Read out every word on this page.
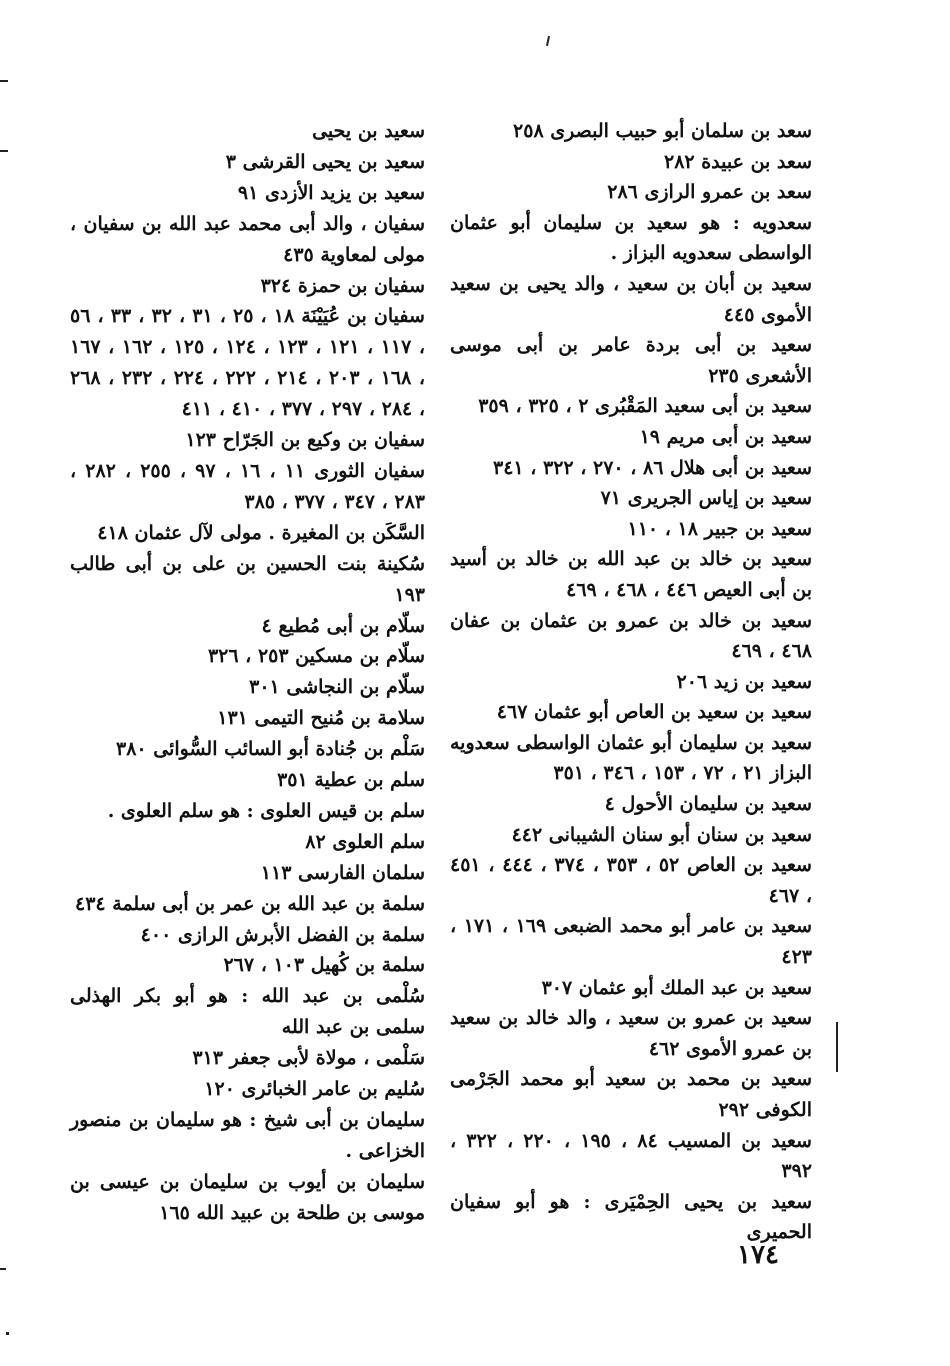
سعد بن سلمان أبو حبيب البصرى ٢٥٨

سعد بن عبيدة ٢٨٢

سعد بن عمرو الرازى ٢٨٦

سعدويه : هو سعيد بن سليمان أبو عثمان الواسطى سعدويه البزاز .

سعيد بن أبان بن سعيد ، والد يحيى بن سعيد الأموى ٤٤٥

سعيد بن أبى بردة عامر بن أبى موسى الأشعرى ٢٣٥

سعيد بن أبى سعيد المَقْبُرى ٢ ، ٣٢٥ ، ٣٥٩

سعيد بن أبى مريم ١٩

سعيد بن أبى هلال ٨٦ ، ٢٧٠ ، ٣٢٢ ، ٣٤١

سعيد بن إياس الجريرى ٧١

سعيد بن جبير ١٨ ، ١١٠

سعيد بن خالد بن عبد الله بن خالد بن أسيد بن أبى العيص ٤٤٦ ، ٤٦٨ ، ٤٦٩

سعيد بن خالد بن عمرو بن عثمان بن عفان ٤٦٨ ، ٤٦٩

سعيد بن زيد ٢٠٦

سعيد بن سعيد بن العاص أبو عثمان ٤٦٧

سعيد بن سليمان أبو عثمان الواسطى سعدويه البزاز ٢١ ، ٧٢ ، ١٥٣ ، ٣٤٦ ، ٣٥١

سعيد بن سليمان الأحول ٤

سعيد بن سنان أبو سنان الشيبانى ٤٤٢

سعيد بن العاص ٥٢ ، ٣٥٣ ، ٣٧٤ ، ٤٤٤ ، ٤٥١ ، ٤٦٧

سعيد بن عامر أبو محمد الضبعى ١٦٩ ، ١٧١ ، ٤٢٣

سعيد بن عبد الملك أبو عثمان ٣٠٧

سعيد بن عمرو بن سعيد ، والد خالد بن سعيد بن عمرو الأموى ٤٦٢

سعيد بن محمد بن سعيد أبو محمد الجَرْمى الكوفى ٢٩٢

سعيد بن المسيب ٨٤ ، ١٩٥ ، ٢٢٠ ، ٣٢٢ ، ٣٩٢

سعيد بن يحيى الحِمْيَرى : هو أبو سفيان الحميرى

سعيد بن يحيى

سعيد بن يحيى القرشى ٣

سعيد بن يزيد الأزدى ٩١

سفيان ، والد أبى محمد عبد الله بن سفيان ، مولى لمعاوية ٤٣٥

سفيان بن حمزة ٣٢٤

سفيان بن عُيَيْنَة ١٨ ، ٢٥ ، ٣١ ، ٣٢ ، ٣٣ ، ٥٦ ، ١١٧ ، ١٢١ ، ١٢٣ ، ١٢٤ ، ١٢٥ ، ١٦٢ ، ١٦٧ ، ١٦٨ ، ٢٠٣ ، ٢١٤ ، ٢٢٢ ، ٢٢٤ ، ٢٣٢ ، ٢٦٨ ، ٢٨٤ ، ٢٩٧ ، ٣٧٧ ، ٤١٠ ، ٤١١

سفيان بن وكيع بن الجَرّاح ١٢٣

سفيان الثورى ١١ ، ١٦ ، ٩٧ ، ٢٥٥ ، ٢٨٢ ، ٢٨٣ ، ٣٤٧ ، ٣٧٧ ، ٣٨٥

السَّكَن بن المغيرة . مولى لآل عثمان ٤١٨

سُكينة بنت الحسين بن على بن أبى طالب ١٩٣

سلّام بن أبى مُطيع ٤

سلّام بن مسكين ٢٥٣ ، ٣٢٦

سلّام بن النجاشى ٣٠١

سلامة بن مُنيح التيمى ١٣١

سَلْم بن جُنادة أبو السائب السُّوائى ٣٨٠

سلم بن عطية ٣٥١

سلم بن قيس العلوى : هو سلم العلوى .

سلم العلوى ٨٢

سلمان الفارسى ١١٣

سلمة بن عبد الله بن عمر بن أبى سلمة ٤٣٤

سلمة بن الفضل الأبرش الرازى ٤٠٠

سلمة بن كُهيل ١٠٣ ، ٢٦٧

سُلْمى بن عبد الله : هو أبو بكر الهذلى سلمى بن عبد الله

سَلْمى ، مولاة لأبى جعفر ٣١٣

سُليم بن عامر الخبائرى ١٢٠

سليمان بن أبى شيخ : هو سليمان بن منصور الخزاعى .

سليمان بن أيوب بن سليمان بن عيسى بن موسى بن طلحة بن عبيد الله ١٦٥

١٧٤
